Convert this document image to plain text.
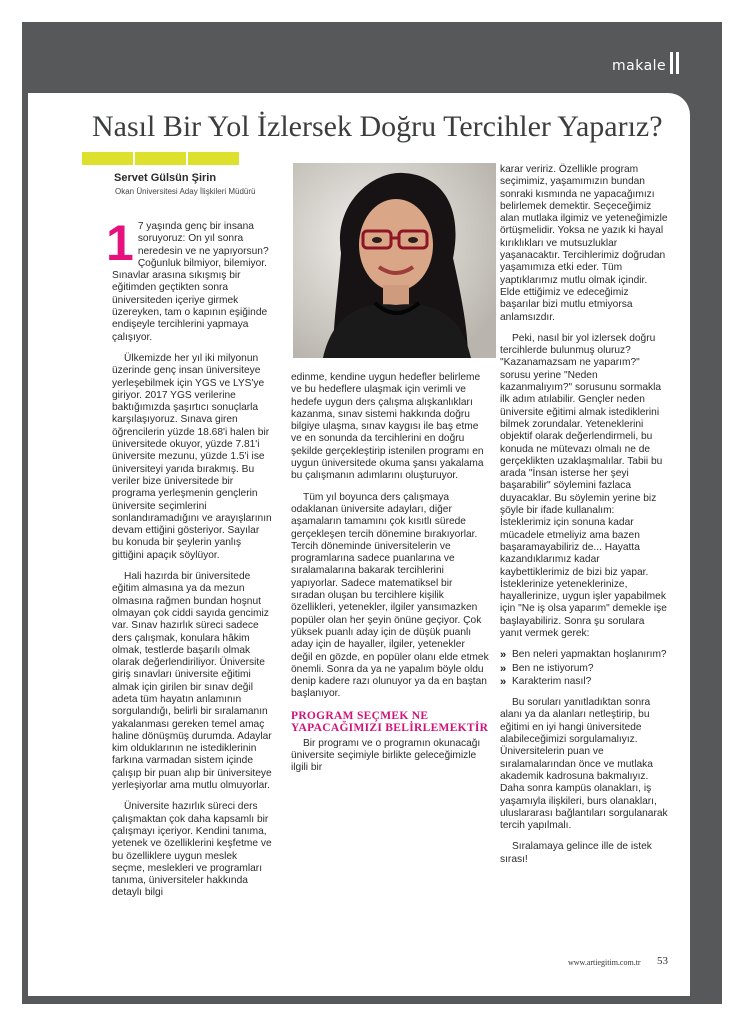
makale
Nasıl Bir Yol İzlersek Doğru Tercihler Yaparız?
Servet Gülsün Şirin
Okan Üniversitesi Aday İlişkileri Müdürü

1 7 yaşında genç bir insana soruyoruz: On yıl sonra neredesin ve ne yapıyorsun? Çoğunluk bilmiyor, bilemiyor. Sınavlar arasına sıkışmış bir eğitimden geçtikten sonra üniversiteden içeriye girmek üzereyken, tam o kapının eşiğinde endişeyle tercihlerini yapmaya çalışıyor.

Ülkemizde her yıl iki milyonun üzerinde genç insan üniversiteye yerleşebilmek için YGS ve LYS'ye giriyor. 2017 YGS verilerine baktığımızda şaşırtıcı sonuçlarla karşılaşıyoruz. Sınava giren öğrencilerin yüzde 18.68'i halen bir üniversitede okuyor, yüzde 7.81'i üniversite mezunu, yüzde 1.5'i ise üniversiteyi yarıda bırakmış. Bu veriler bize üniversitede bir programa yerleşmenin gençlerin üniversite seçimlerini sonlandıramadığını ve arayışlarının devam ettiğini gösteriyor. Sayılar bu konuda bir şeylerin yanlış gittiğini apaçık söylüyor.

Hali hazırda bir üniversitede eğitim almasına ya da mezun olmasına rağmen bundan hoşnut olmayan çok ciddi sayıda gencimiz var. Sınav hazırlık süreci sadece ders çalışmak, konulara hâkim olmak, testlerde başarılı olmak olarak değerlendiriliyor. Üniversite giriş sınavları üniversite eğitimi almak için girilen bir sınav değil adeta tüm hayatın anlamının sorgulandığı, belirli bir sıralamanın yakalanması gereken temel amaç haline dönüşmüş durumda. Adaylar kim olduklarının ne istediklerinin farkına varmadan sistem içinde çalışıp bir puan alıp bir üniversiteye yerleşiyorlar ama mutlu olmuyorlar.

Üniversite hazırlık süreci ders çalışmaktan çok daha kapsamlı bir çalışmayı içeriyor. Kendini tanıma, yetenek ve özelliklerini keşfetme ve bu özelliklere uygun meslek seçme, meslekleri ve programları tanıma, üniversiteler hakkında detaylı bilgi

edinme, kendine uygun hedefler belirleme ve bu hedeflere ulaşmak için verimli ve hedefe uygun ders çalışma alışkanlıkları kazanma, sınav sistemi hakkında doğru bilgiye ulaşma, sınav kaygısı ile baş etme ve en sonunda da tercihlerini en doğru şekilde gerçekleştirip istenilen programı en uygun üniversitede okuma şansı yakalama bu çalışmanın adımlarını oluşturuyor.

Tüm yıl boyunca ders çalışmaya odaklanan üniversite adayları, diğer aşamaların tamamını çok kısıtlı sürede gerçekleşen tercih dönemine bırakıyorlar. Tercih döneminde üniversitelerin ve programlarına sadece puanlarına ve sıralamalarına bakarak tercihlerini yapıyorlar. Sadece matematiksel bir sıradan oluşan bu tercihlere kişilik özellikleri, yetenekler, ilgiler yansımazken popüler olan her şeyin önüne geçiyor. Çok yüksek puanlı aday için de düşük puanlı aday için de hayaller, ilgiler, yetenekler değil en gözde, en popüler olanı elde etmek önemli. Sonra da ya ne yapalım böyle oldu denip kadere razı olunuyor ya da en baştan başlanıyor.

PROGRAM SEÇMEK NE YAPACAĞIMIZI BELİRLEMEKTİR

Bir programı ve o programın okunacağı üniversite seçimiyle birlikte geleceğimizle ilgili bir

karar veririz. Özellikle program seçimimiz, yaşamımızın bundan sonraki kısmında ne yapacağımızı belirlemek demektir. Seçeceğimiz alan mutlaka ilgimiz ve yeteneğimizle örtüşmelidir. Yoksa ne yazık ki hayal kırıklıkları ve mutsuzluklar yaşanacaktır. Tercihlerimiz doğrudan yaşamımıza etki eder. Tüm yaptıklarımız mutlu olmak içindir. Elde ettiğimiz ve edeceğimiz başarılar bizi mutlu etmiyorsa anlamsızdır.

Peki, nasıl bir yol izlersek doğru tercihlerde bulunmuş oluruz? "Kazanamazsam ne yaparım?" sorusu yerine "Neden kazanmalıyım?" sorusunu sormakla ilk adım atılabilir. Gençler neden üniversite eğitimi almak istediklerini bilmek zorundalar. Yeteneklerini objektif olarak değerlendirmeli, bu konuda ne mütevazı olmalı ne de gerçeklikten uzaklaşmalılar. Tabii bu arada "İnsan isterse her şeyi başarabilir" söylemini fazlaca duyacaklar. Bu söylemin yerine biz şöyle bir ifade kullanalım: İsteklerimiz için sonuna kadar mücadele etmeliyiz ama bazen başaramayabiliriz de... Hayatta kazandıklarımız kadar kaybettiklerimiz de bizi biz yapar. İsteklerinize yeteneklerinize, hayallerinize, uygun işler yapabilmek için "Ne iş olsa yaparım" demekle işe başlayabiliriz. Sonra şu sorulara yanıt vermek gerek:

» Ben neleri yapmaktan hoşlanırım?
» Ben ne istiyorum?
» Karakterim nasıl?

Bu soruları yanıtladıktan sonra alanı ya da alanları netleştirip, bu eğitimi en iyi hangi üniversitede alabileceğimizi sorgulamalıyız. Üniversitelerin puan ve sıralamalarından önce ve mutlaka akademik kadrosuna bakmalıyız. Daha sonra kampüs olanakları, iş yaşamıyla ilişkileri, burs olanakları, uluslararası bağlantıları sorgulanarak tercih yapılmalı.

Sıralamaya gelince ille de istek sırası!

www.artiegitim.com.tr 53
